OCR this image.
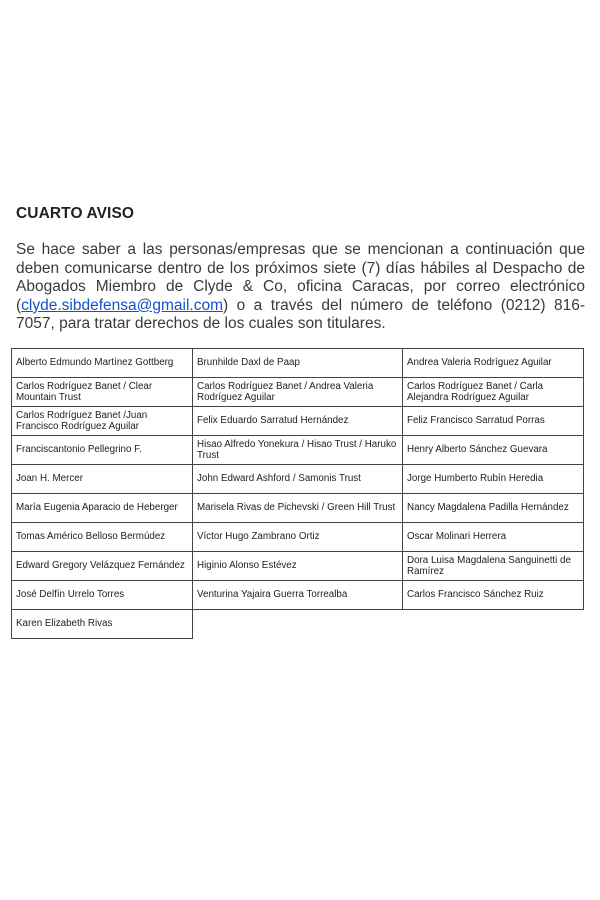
CUARTO AVISO

Se hace saber a las personas/empresas que se mencionan a continuación que deben comunicarse dentro de los próximos siete (7) días hábiles al Despacho de Abogados Miembro de Clyde & Co, oficina Caracas, por correo electrónico (clyde.sibdefensa@gmail.com) o a través del número de teléfono (0212) 816-7057, para tratar derechos de los cuales son titulares.

Alberto Edmundo Martínez Gottberg	Brunhilde Daxl de Paap	Andrea Valeria Rodríguez Aguilar
Carlos Rodríguez Banet / Clear Mountain Trust	Carlos Rodríguez Banet / Andrea Valeria Rodríguez Aguilar	Carlos Rodríguez Banet / Carla Alejandra Rodríguez Aguilar
Carlos Rodríguez Banet /Juan Francisco Rodríguez Aguilar	Felix Eduardo Sarratud Hernández	Feliz Francisco Sarratud Porras
Franciscantonio Pellegrino F.	Hisao Alfredo Yonekura / Hisao Trust / Haruko Trust	Henry Alberto Sánchez Guevara
Joan H. Mercer	John Edward Ashford / Samonis Trust	Jorge Humberto Rubín Heredia
María Eugenia Aparacio de Heberger	Marisela Rivas de Pichevski / Green Hill Trust	Nancy Magdalena Padilla Hernández
Tomas Américo Belloso Bermúdez	Víctor Hugo Zambrano Ortiz	Oscar Molinari Herrera
Edward Gregory Velázquez Fernández	Higinio Alonso Estévez	Dora Luisa Magdalena Sanguinetti de Ramírez
José Delfín Urrelo Torres	Venturina Yajaira Guerra Torrealba	Carlos Francisco Sánchez Ruiz
Karen Elizabeth Rivas		
